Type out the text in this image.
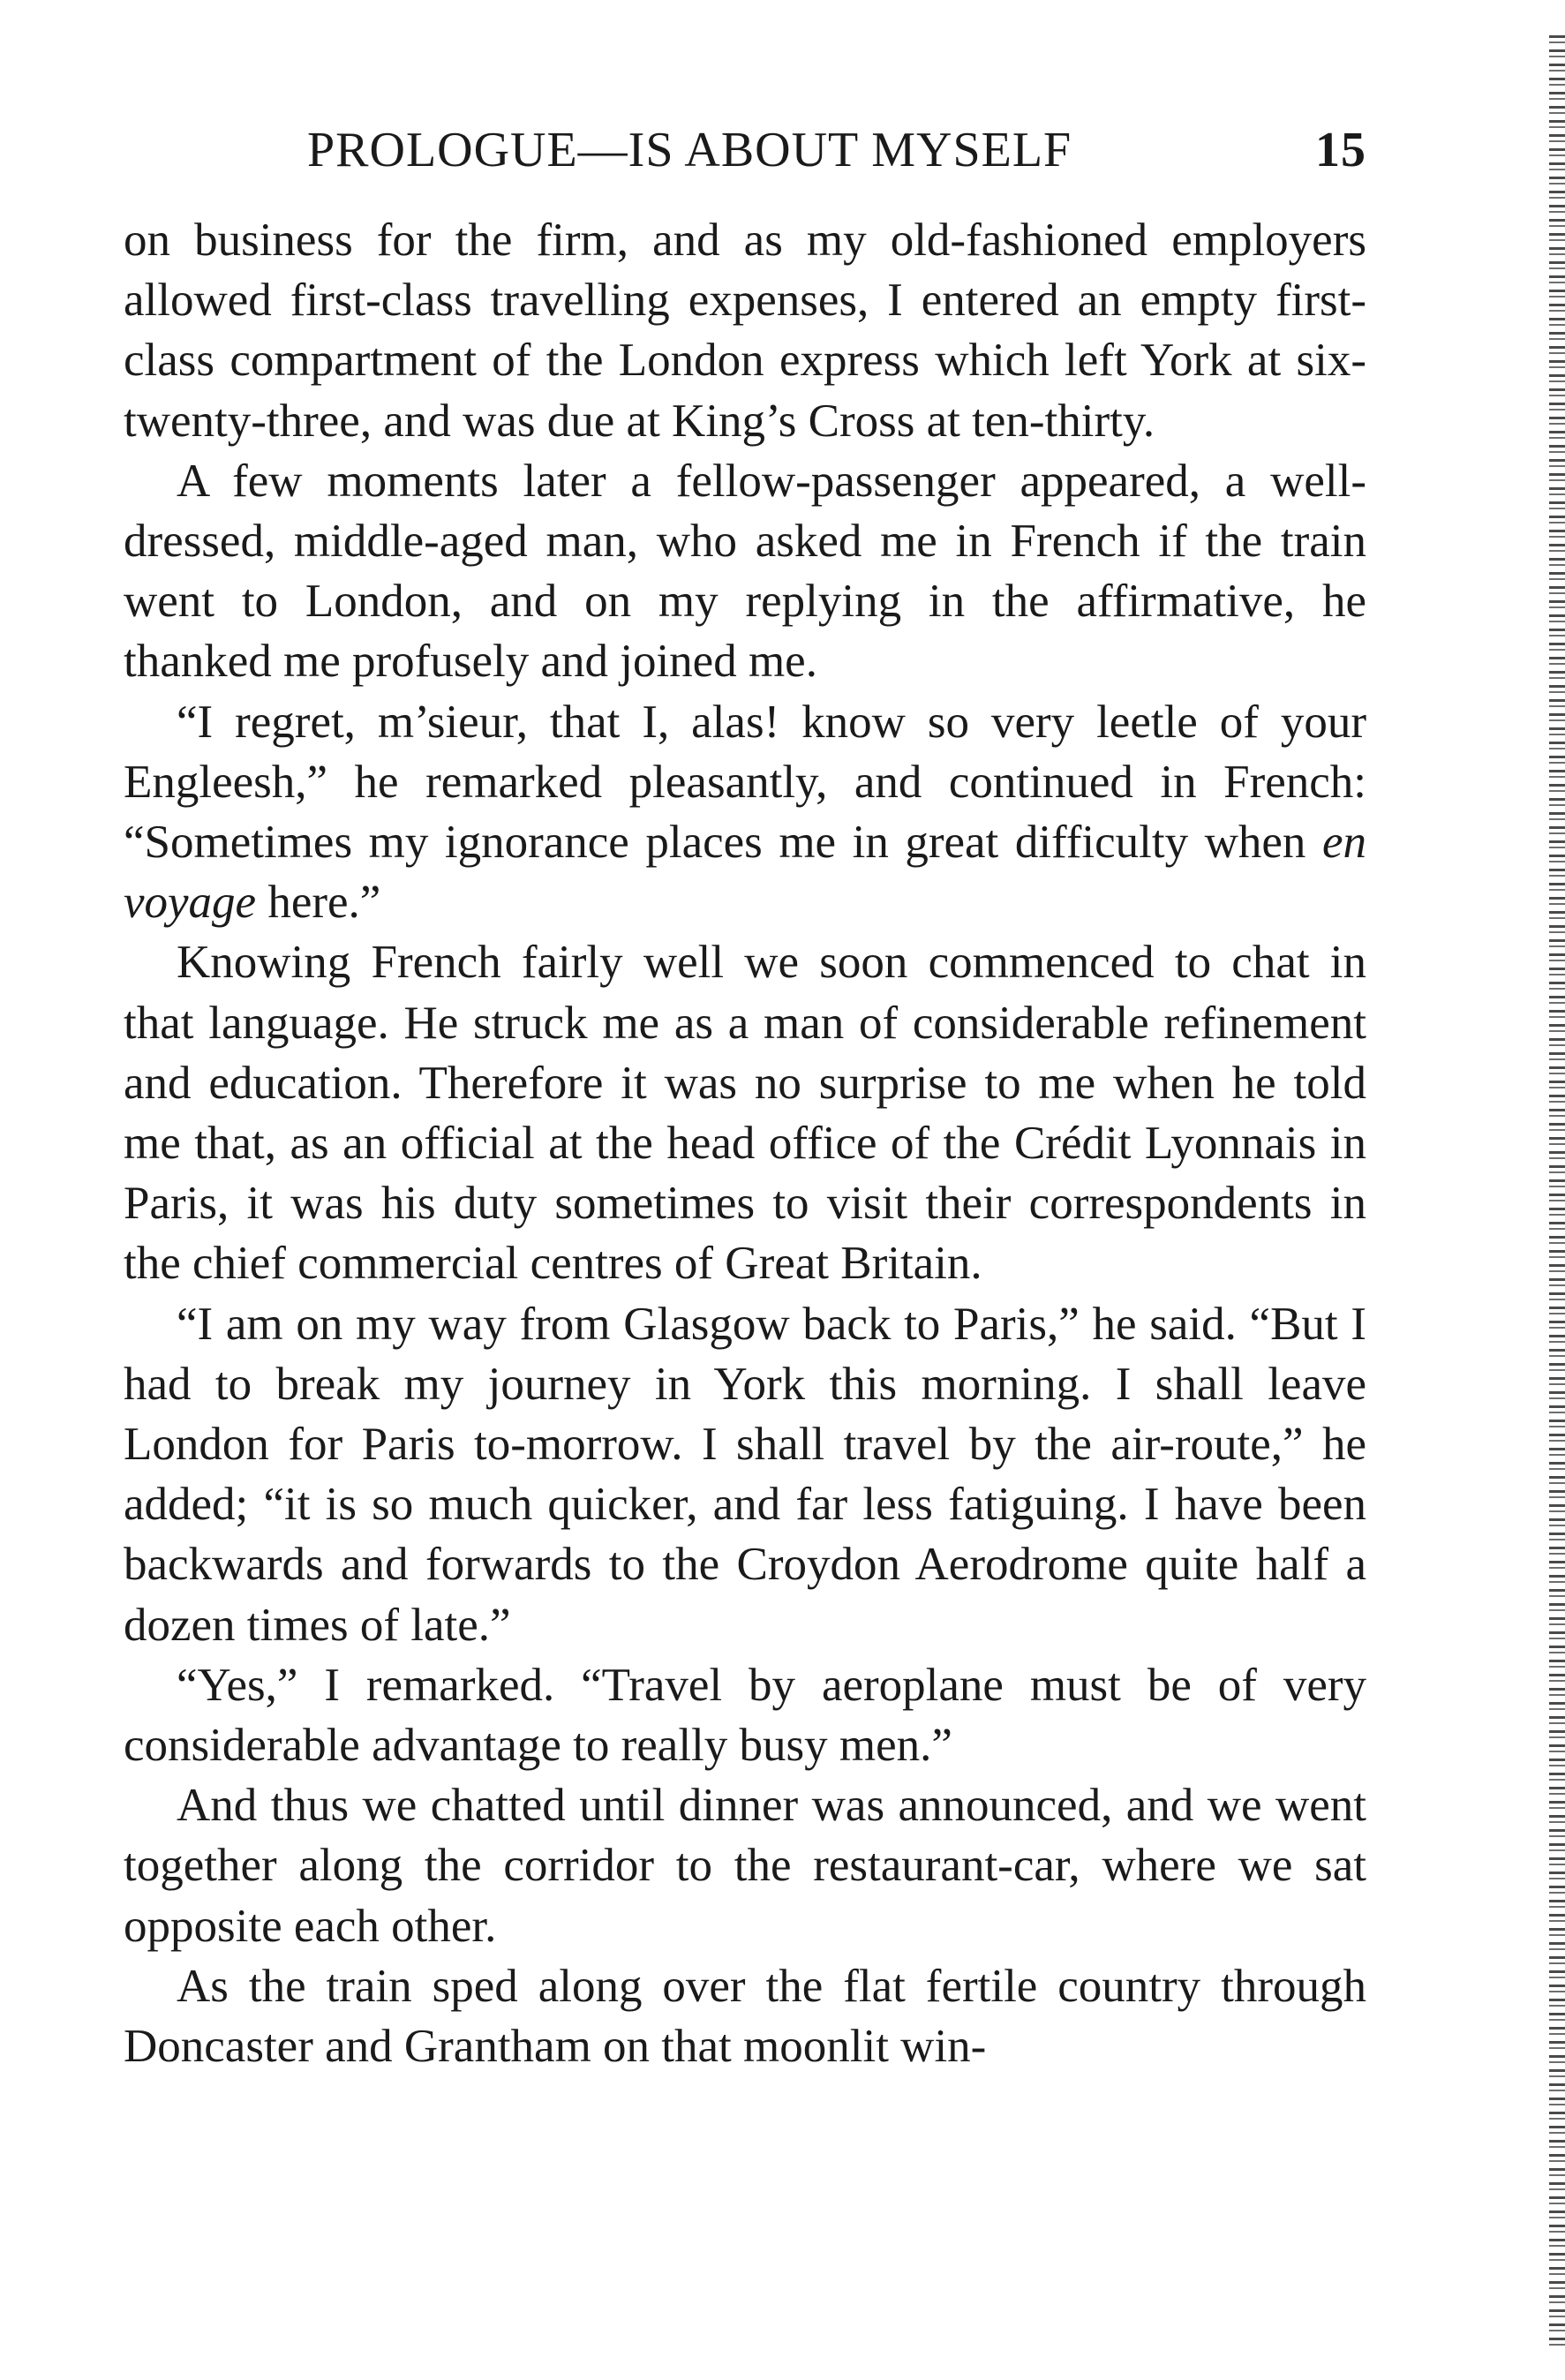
PROLOGUE—IS ABOUT MYSELF	15

on business for the firm, and as my old-fashioned employers allowed first-class travelling expenses, I entered an empty first-class compartment of the London express which left York at six-twenty-three, and was due at King’s Cross at ten-thirty.

A few moments later a fellow-passenger appeared, a well-dressed, middle-aged man, who asked me in French if the train went to London, and on my replying in the affirmative, he thanked me profusely and joined me.

“I regret, m’sieur, that I, alas! know so very leetle of your Engleesh,” he remarked pleasantly, and continued in French: “Sometimes my ignorance places me in great difficulty when en voyage here.”

Knowing French fairly well we soon commenced to chat in that language. He struck me as a man of considerable refinement and education. Therefore it was no surprise to me when he told me that, as an official at the head office of the Crédit Lyonnais in Paris, it was his duty sometimes to visit their correspondents in the chief commercial centres of Great Britain.

“I am on my way from Glasgow back to Paris,” he said. “But I had to break my journey in York this morning. I shall leave London for Paris to-morrow. I shall travel by the air-route,” he added; “it is so much quicker, and far less fatiguing. I have been backwards and forwards to the Croydon Aerodrome quite half a dozen times of late.”

“Yes,” I remarked. “Travel by aeroplane must be of very considerable advantage to really busy men.”

And thus we chatted until dinner was announced, and we went together along the corridor to the restaurant-car, where we sat opposite each other.

As the train sped along over the flat fertile country through Doncaster and Grantham on that moonlit win-
